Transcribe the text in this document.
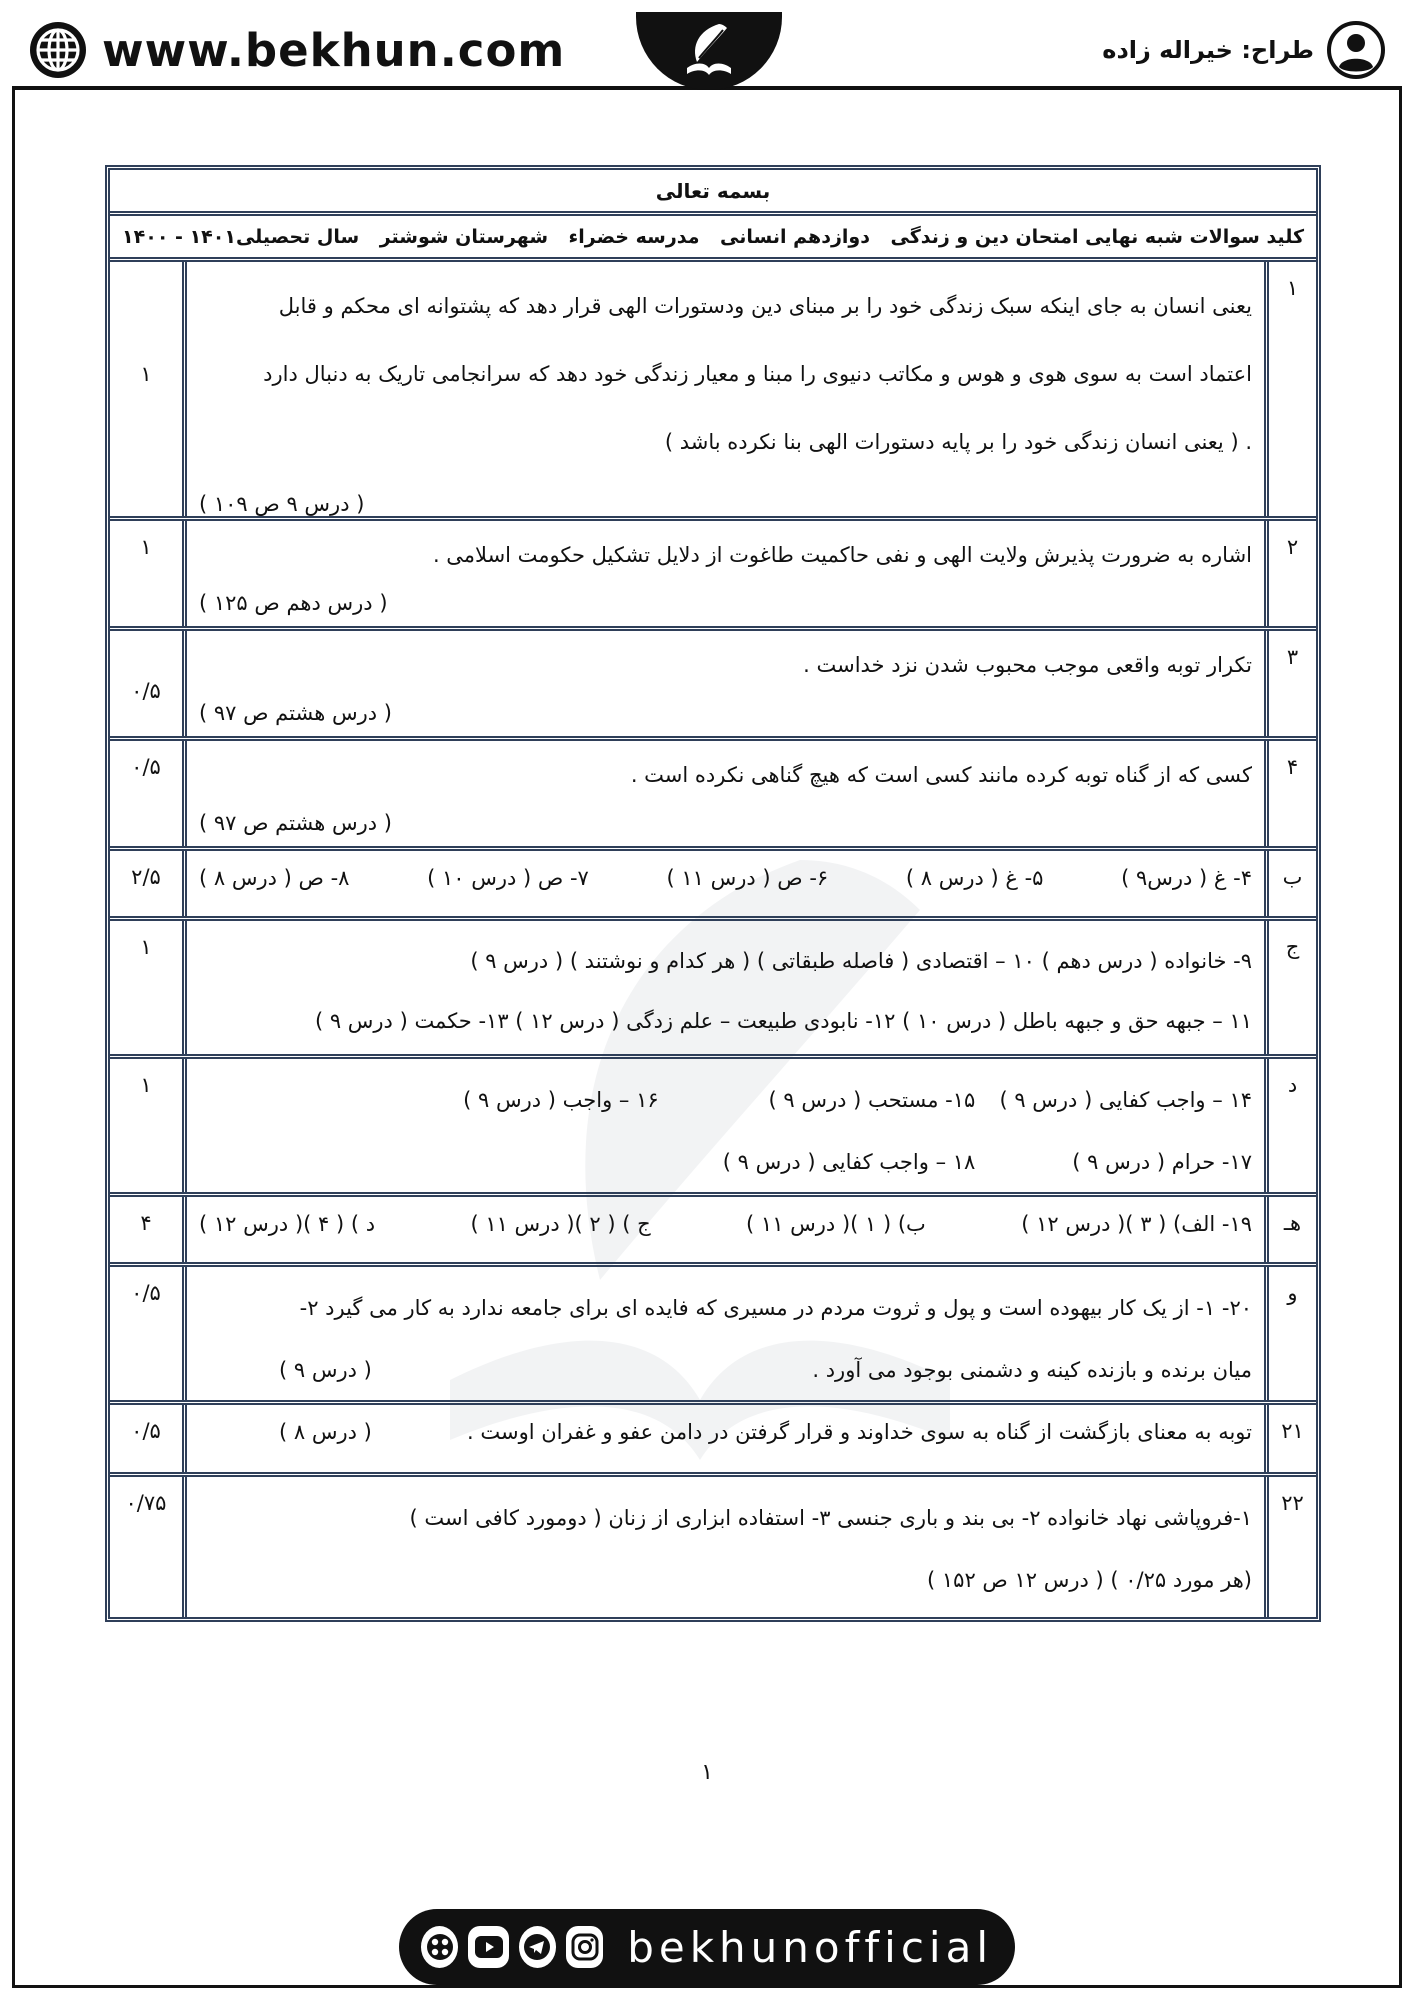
www.bekhun.com	طراح: خیراله زاده
بسمه تعالی
کلید سوالات شبه نهایی امتحان دین و زندگی
دوازدهم انسانی
مدرسه خضراء
شهرستان شوشتر
سال تحصیلی۱۴۰۱ - ۱۴۰۰
۱
یعنی انسان به جای اینکه سبک زندگی خود را بر مبنای دین ودستورات الهی قرار دهد که پشتوانه ای محکم و قابل
اعتماد است به سوی هوی و هوس و مکاتب دنیوی را مبنا و معیار زندگی خود دهد که سرانجامی تاریک به دنبال دارد
. ( یعنی انسان زندگی خود را بر پایه دستورات الهی بنا نکرده باشد )
( درس ۹ ص ۱۰۹ )
۱
۲
اشاره به ضرورت پذیرش ولایت الهی و نفی حاکمیت طاغوت از دلایل تشکیل حکومت اسلامی .
( درس دهم ص ۱۲۵ )
۱
۳
تکرار توبه واقعی موجب محبوب شدن نزد خداست .
( درس هشتم ص ۹۷ )
۰/۵
۴
کسی که از گناه توبه کرده مانند کسی است که هیچ گناهی نکرده است .
( درس هشتم ص ۹۷ )
۰/۵
ب
۴- غ ( درس۹ )
۵- غ ( درس ۸ )
۶- ص ( درس ۱۱ )
۷- ص ( درس ۱۰ )
۸- ص ( درس ۸ )
۲/۵
ج
۹- خانواده ( درس دهم ) ۱۰ – اقتصادی ( فاصله طبقاتی ) ( هر کدام و نوشتند ) ( درس ۹ )
۱۱ – جبهه حق و جبهه باطل ( درس ۱۰ ) ۱۲- نابودی طبیعت – علم زدگی ( درس ۱۲ ) ۱۳- حکمت ( درس ۹ )
۱
د
۱۴ – واجب کفایی ( درس ۹ ) ۱۵- مستحب ( درس ۹ ) ۱۶ – واجب ( درس ۹ )
۱۷- حرام ( درس ۹ ) ۱۸ – واجب کفایی ( درس ۹ )
۱
هـ
۱۹- الف) ( ۳ )( درس ۱۲ )
ب) ( ۱ )( درس ۱۱ )
ج ) ( ۲ )( درس ۱۱ )
د ) ( ۴ )( درس ۱۲ )
۴
و
۲۰- ۱- از یک کار بیهوده است و پول و ثروت مردم در مسیری که فایده ای برای جامعه ندارد به کار می گیرد ۲-
میان برنده و بازنده کینه و دشمنی بوجود می آورد .
( درس ۹ )
۰/۵
۲۱
توبه به معنای بازگشت از گناه به سوی خداوند و قرار گرفتن در دامن عفو و غفران اوست .
( درس ۸ )
۰/۵
۲۲
۱-فروپاشی نهاد خانواده ۲- بی بند و باری جنسی ۳- استفاده ابزاری از زنان ( دومورد کافی است )
(هر مورد ۰/۲۵ ) ( درس ۱۲ ص ۱۵۲ )
۰/۷۵
۱
bekhunofficial
